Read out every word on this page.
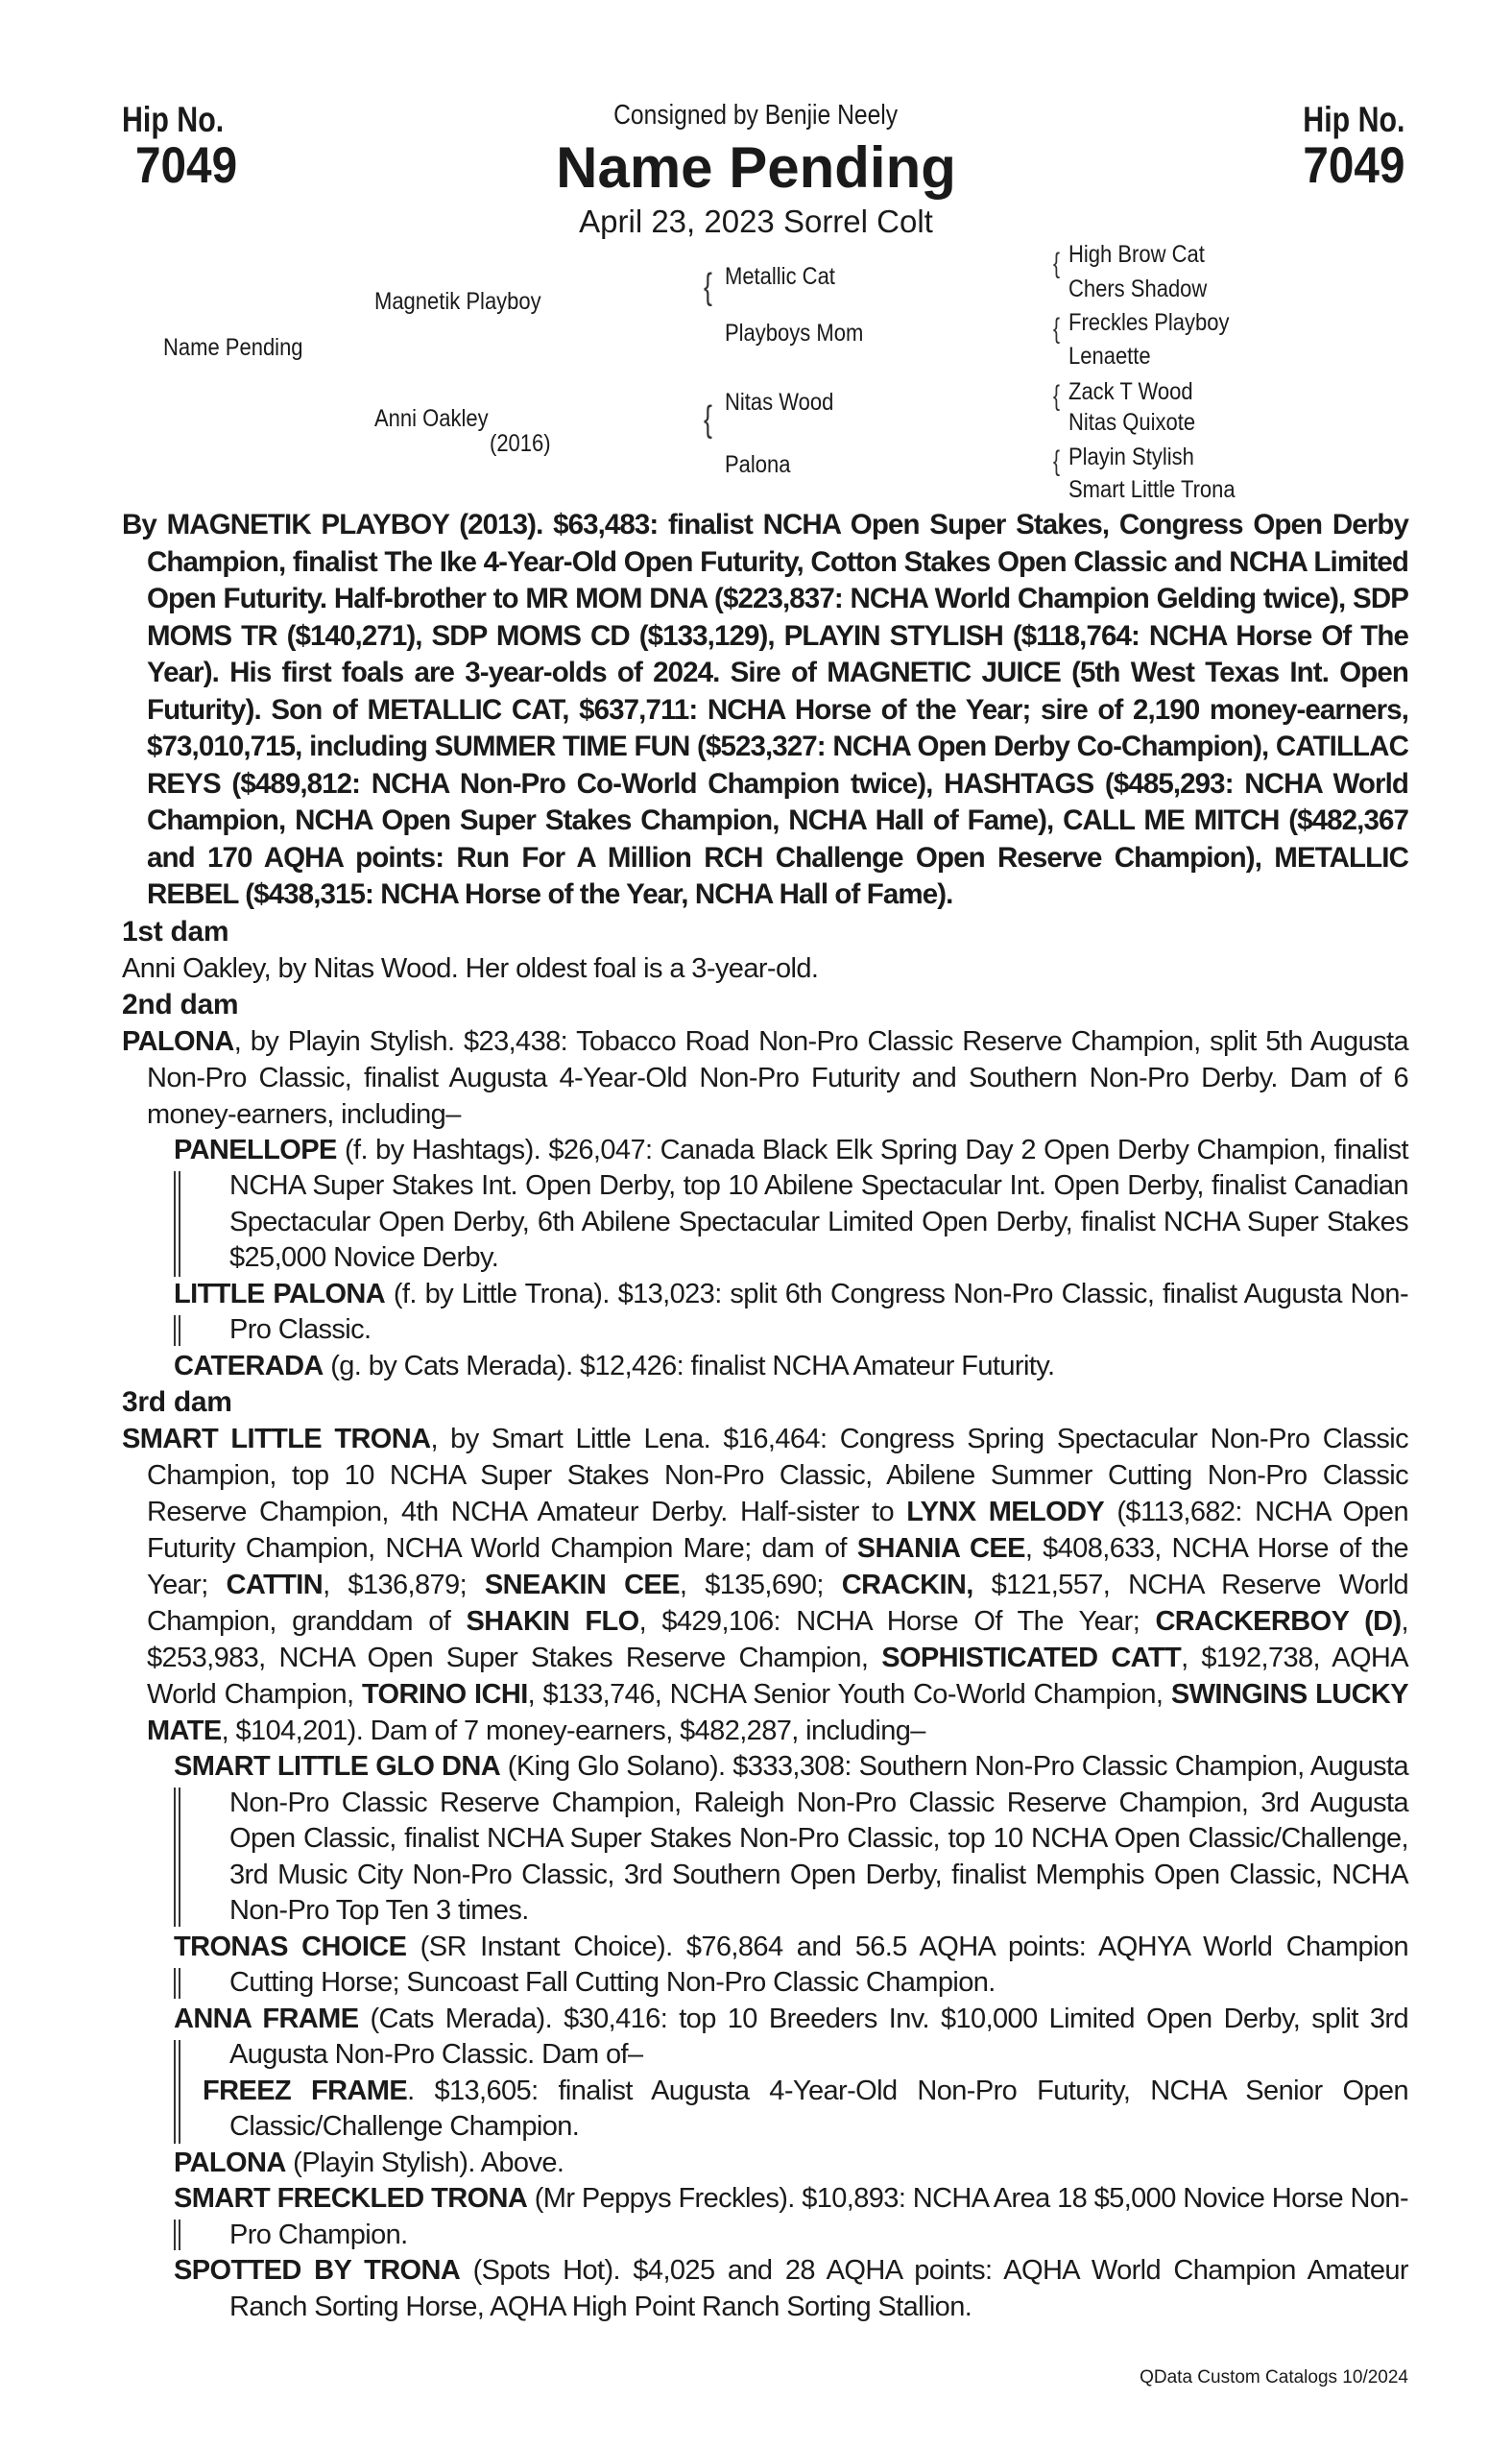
Hip No.
7049
Hip No.
7049
Consigned by Benjie Neely
Name Pending
April 23, 2023 Sorrel Colt
Name Pending
Magnetik Playboy
Anni Oakley
(2016)
{
{
Metallic Cat
Playboys Mom
Nitas Wood
Palona
{
{
{
{
High Brow Cat
Chers Shadow
Freckles Playboy
Lenaette
Zack T Wood
Nitas Quixote
Playin Stylish
Smart Little Trona
By MAGNETIK PLAYBOY (2013). $63,483: finalist NCHA Open Super Stakes, Congress Open Derby Champion, finalist The Ike 4-Year-Old Open Futurity, Cotton Stakes Open Classic and NCHA Limited Open Futurity. Half-brother to MR MOM DNA ($223,837: NCHA World Champion Gelding twice), SDP MOMS TR ($140,271), SDP MOMS CD ($133,129), PLAYIN STYLISH ($118,764: NCHA Horse Of The Year). His first foals are 3-year-olds of 2024. Sire of MAGNETIC JUICE (5th West Texas Int. Open Futurity). Son of METALLIC CAT, $637,711: NCHA Horse of the Year; sire of 2,190 money-earners, $73,010,715, including SUMMER TIME FUN ($523,327: NCHA Open Derby Co-Champion), CATILLAC REYS ($489,812: NCHA Non-Pro Co-World Champion twice), HASHTAGS ($485,293: NCHA World Champion, NCHA Open Super Stakes Champion, NCHA Hall of Fame), CALL ME MITCH ($482,367 and 170 AQHA points: Run For A Million RCH Challenge Open Reserve Champion), METALLIC REBEL ($438,315: NCHA Horse of the Year, NCHA Hall of Fame).
1st dam
Anni Oakley, by Nitas Wood. Her oldest foal is a 3-year-old.
2nd dam
PALONA, by Playin Stylish. $23,438: Tobacco Road Non-Pro Classic Reserve Champion, split 5th Augusta Non-Pro Classic, finalist Augusta 4-Year-Old Non-Pro Futurity and Southern Non-Pro Derby. Dam of 6 money-earners, including–
PANELLOPE (f. by Hashtags). $26,047: Canada Black Elk Spring Day 2 Open Derby Champion, finalist NCHA Super Stakes Int. Open Derby, top 10 Abilene Spectacular Int. Open Derby, finalist Canadian Spectacular Open Derby, 6th Abilene Spectacular Limited Open Derby, finalist NCHA Super Stakes $25,000 Novice Derby.
LITTLE PALONA (f. by Little Trona). $13,023: split 6th Congress Non-Pro Classic, finalist Augusta Non-Pro Classic.
CATERADA (g. by Cats Merada). $12,426: finalist NCHA Amateur Futurity.
3rd dam
SMART LITTLE TRONA, by Smart Little Lena. $16,464: Congress Spring Spectacular Non-Pro Classic Champion, top 10 NCHA Super Stakes Non-Pro Classic, Abilene Summer Cutting Non-Pro Classic Reserve Champion, 4th NCHA Amateur Derby. Half-sister to LYNX MELODY ($113,682: NCHA Open Futurity Champion, NCHA World Champion Mare; dam of SHANIA CEE, $408,633, NCHA Horse of the Year; CATTIN, $136,879; SNEAKIN CEE, $135,690; CRACKIN, $121,557, NCHA Reserve World Champion, granddam of SHAKIN FLO, $429,106: NCHA Horse Of The Year; CRACKERBOY (D), $253,983, NCHA Open Super Stakes Reserve Champion, SOPHISTICATED CATT, $192,738, AQHA World Champion, TORINO ICHI, $133,746, NCHA Senior Youth Co-World Champion, SWINGINS LUCKY MATE, $104,201). Dam of 7 money-earners, $482,287, including–
SMART LITTLE GLO DNA (King Glo Solano). $333,308: Southern Non-Pro Classic Champion, Augusta Non-Pro Classic Reserve Champion, Raleigh Non-Pro Classic Reserve Champion, 3rd Augusta Open Classic, finalist NCHA Super Stakes Non-Pro Classic, top 10 NCHA Open Classic/Challenge, 3rd Music City Non-Pro Classic, 3rd Southern Open Derby, finalist Memphis Open Classic, NCHA Non-Pro Top Ten 3 times.
TRONAS CHOICE (SR Instant Choice). $76,864 and 56.5 AQHA points: AQHYA World Champion Cutting Horse; Suncoast Fall Cutting Non-Pro Classic Champion.
ANNA FRAME (Cats Merada). $30,416: top 10 Breeders Inv. $10,000 Limited Open Derby, split 3rd Augusta Non-Pro Classic. Dam of–
FREEZ FRAME. $13,605: finalist Augusta 4-Year-Old Non-Pro Futurity, NCHA Senior Open Classic/Challenge Champion.
PALONA (Playin Stylish). Above.
SMART FRECKLED TRONA (Mr Peppys Freckles). $10,893: NCHA Area 18 $5,000 Novice Horse Non-Pro Champion.
SPOTTED BY TRONA (Spots Hot). $4,025 and 28 AQHA points: AQHA World Champion Amateur Ranch Sorting Horse, AQHA High Point Ranch Sorting Stallion.
QData Custom Catalogs 10/2024
